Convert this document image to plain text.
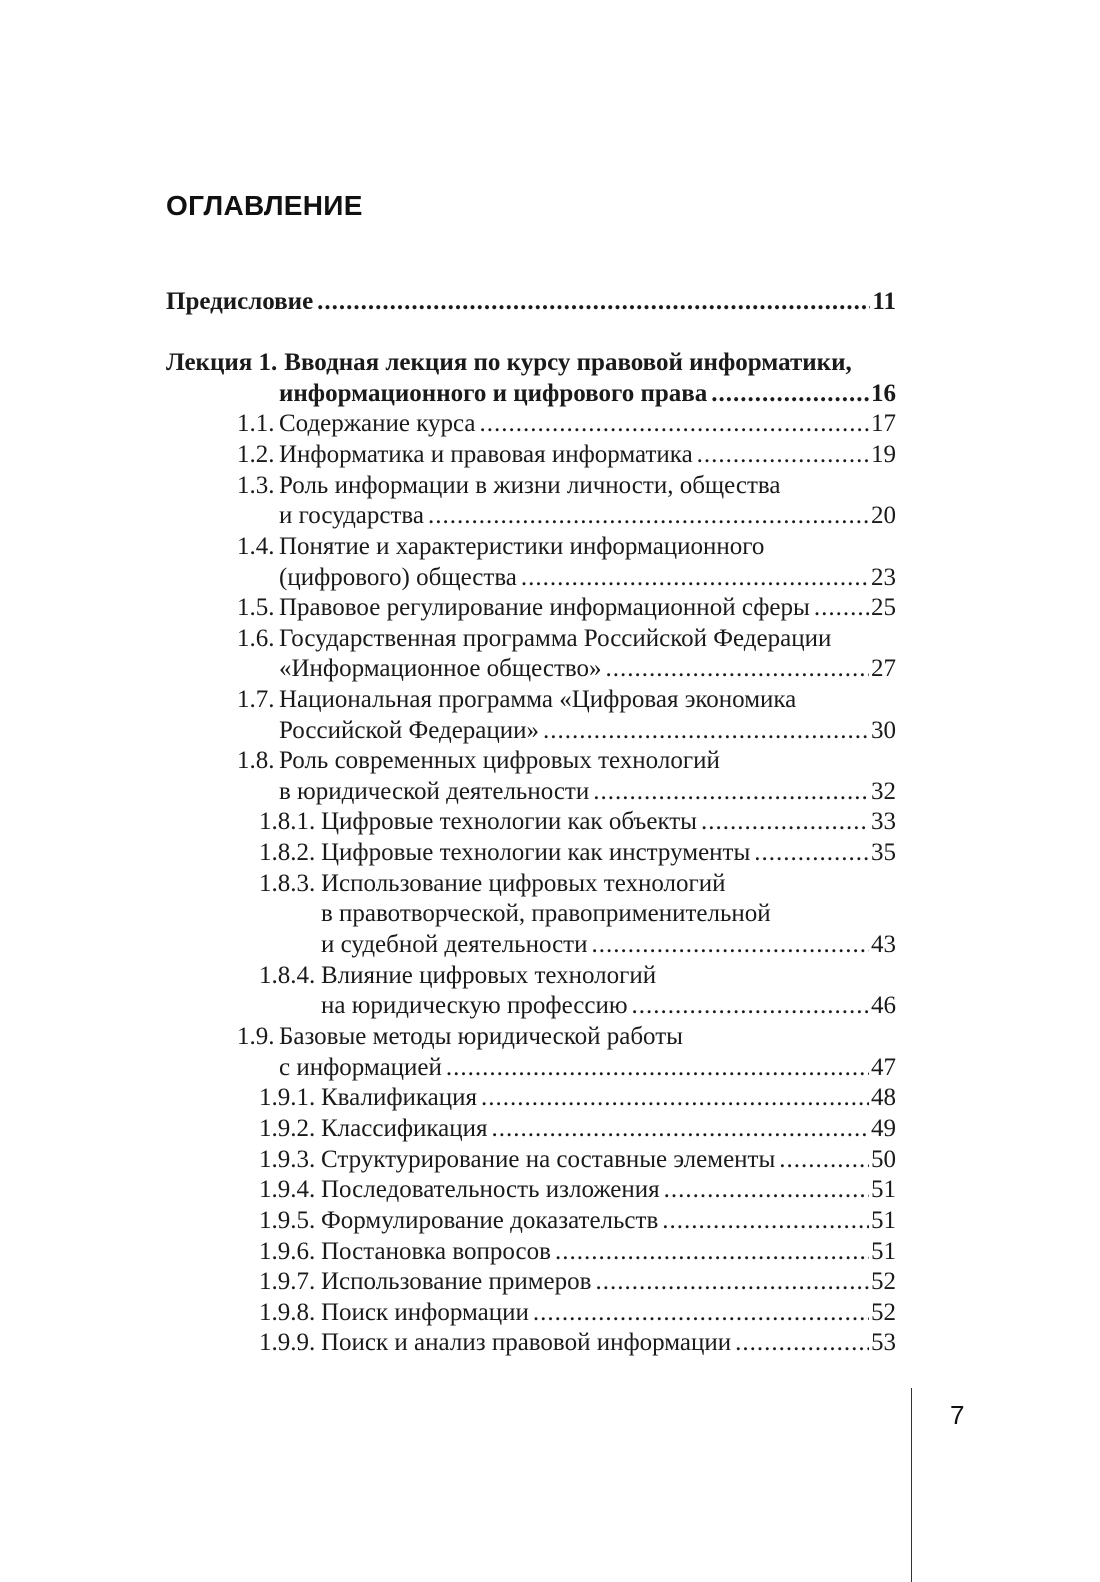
ОГЛАВЛЕНИЕ
Предисловие .....	11
Лекция 1. Вводная лекция по курсу правовой информатики,
информационного и цифрового права .....	16
1.1. Содержание курса .....	17
1.2. Информатика и правовая информатика .....	19
1.3. Роль информации в жизни личности, общества
и государства .....	20
1.4. Понятие и характеристики информационного
(цифрового) общества .....	23
1.5. Правовое регулирование информационной сферы ..... 25
1.6. Государственная программа Российской Федерации
«Информационное общество» .....	27
1.7. Национальная программа «Цифровая экономика
Российской Федерации» .....	30
1.8. Роль современных цифровых технологий
в юридической деятельности .....	32
1.8.1. Цифровые технологии как объекты .....	33
1.8.2. Цифровые технологии как инструменты .....	35
1.8.3. Использование цифровых технологий
в правотворческой, правоприменительной
и судебной деятельности .....	43
1.8.4. Влияние цифровых технологий
на юридическую профессию .....	46
1.9. Базовые методы юридической работы
с информацией .....	47
1.9.1. Квалификация .....	48
1.9.2. Классификация .....	49
1.9.3. Структурирование на составные элементы .....	50
1.9.4. Последовательность изложения .....	51
1.9.5. Формулирование доказательств .....	51
1.9.6. Постановка вопросов .....	51
1.9.7. Использование примеров .....	52
1.9.8. Поиск информации .....	52
1.9.9. Поиск и анализ правовой информации .....	53
7
